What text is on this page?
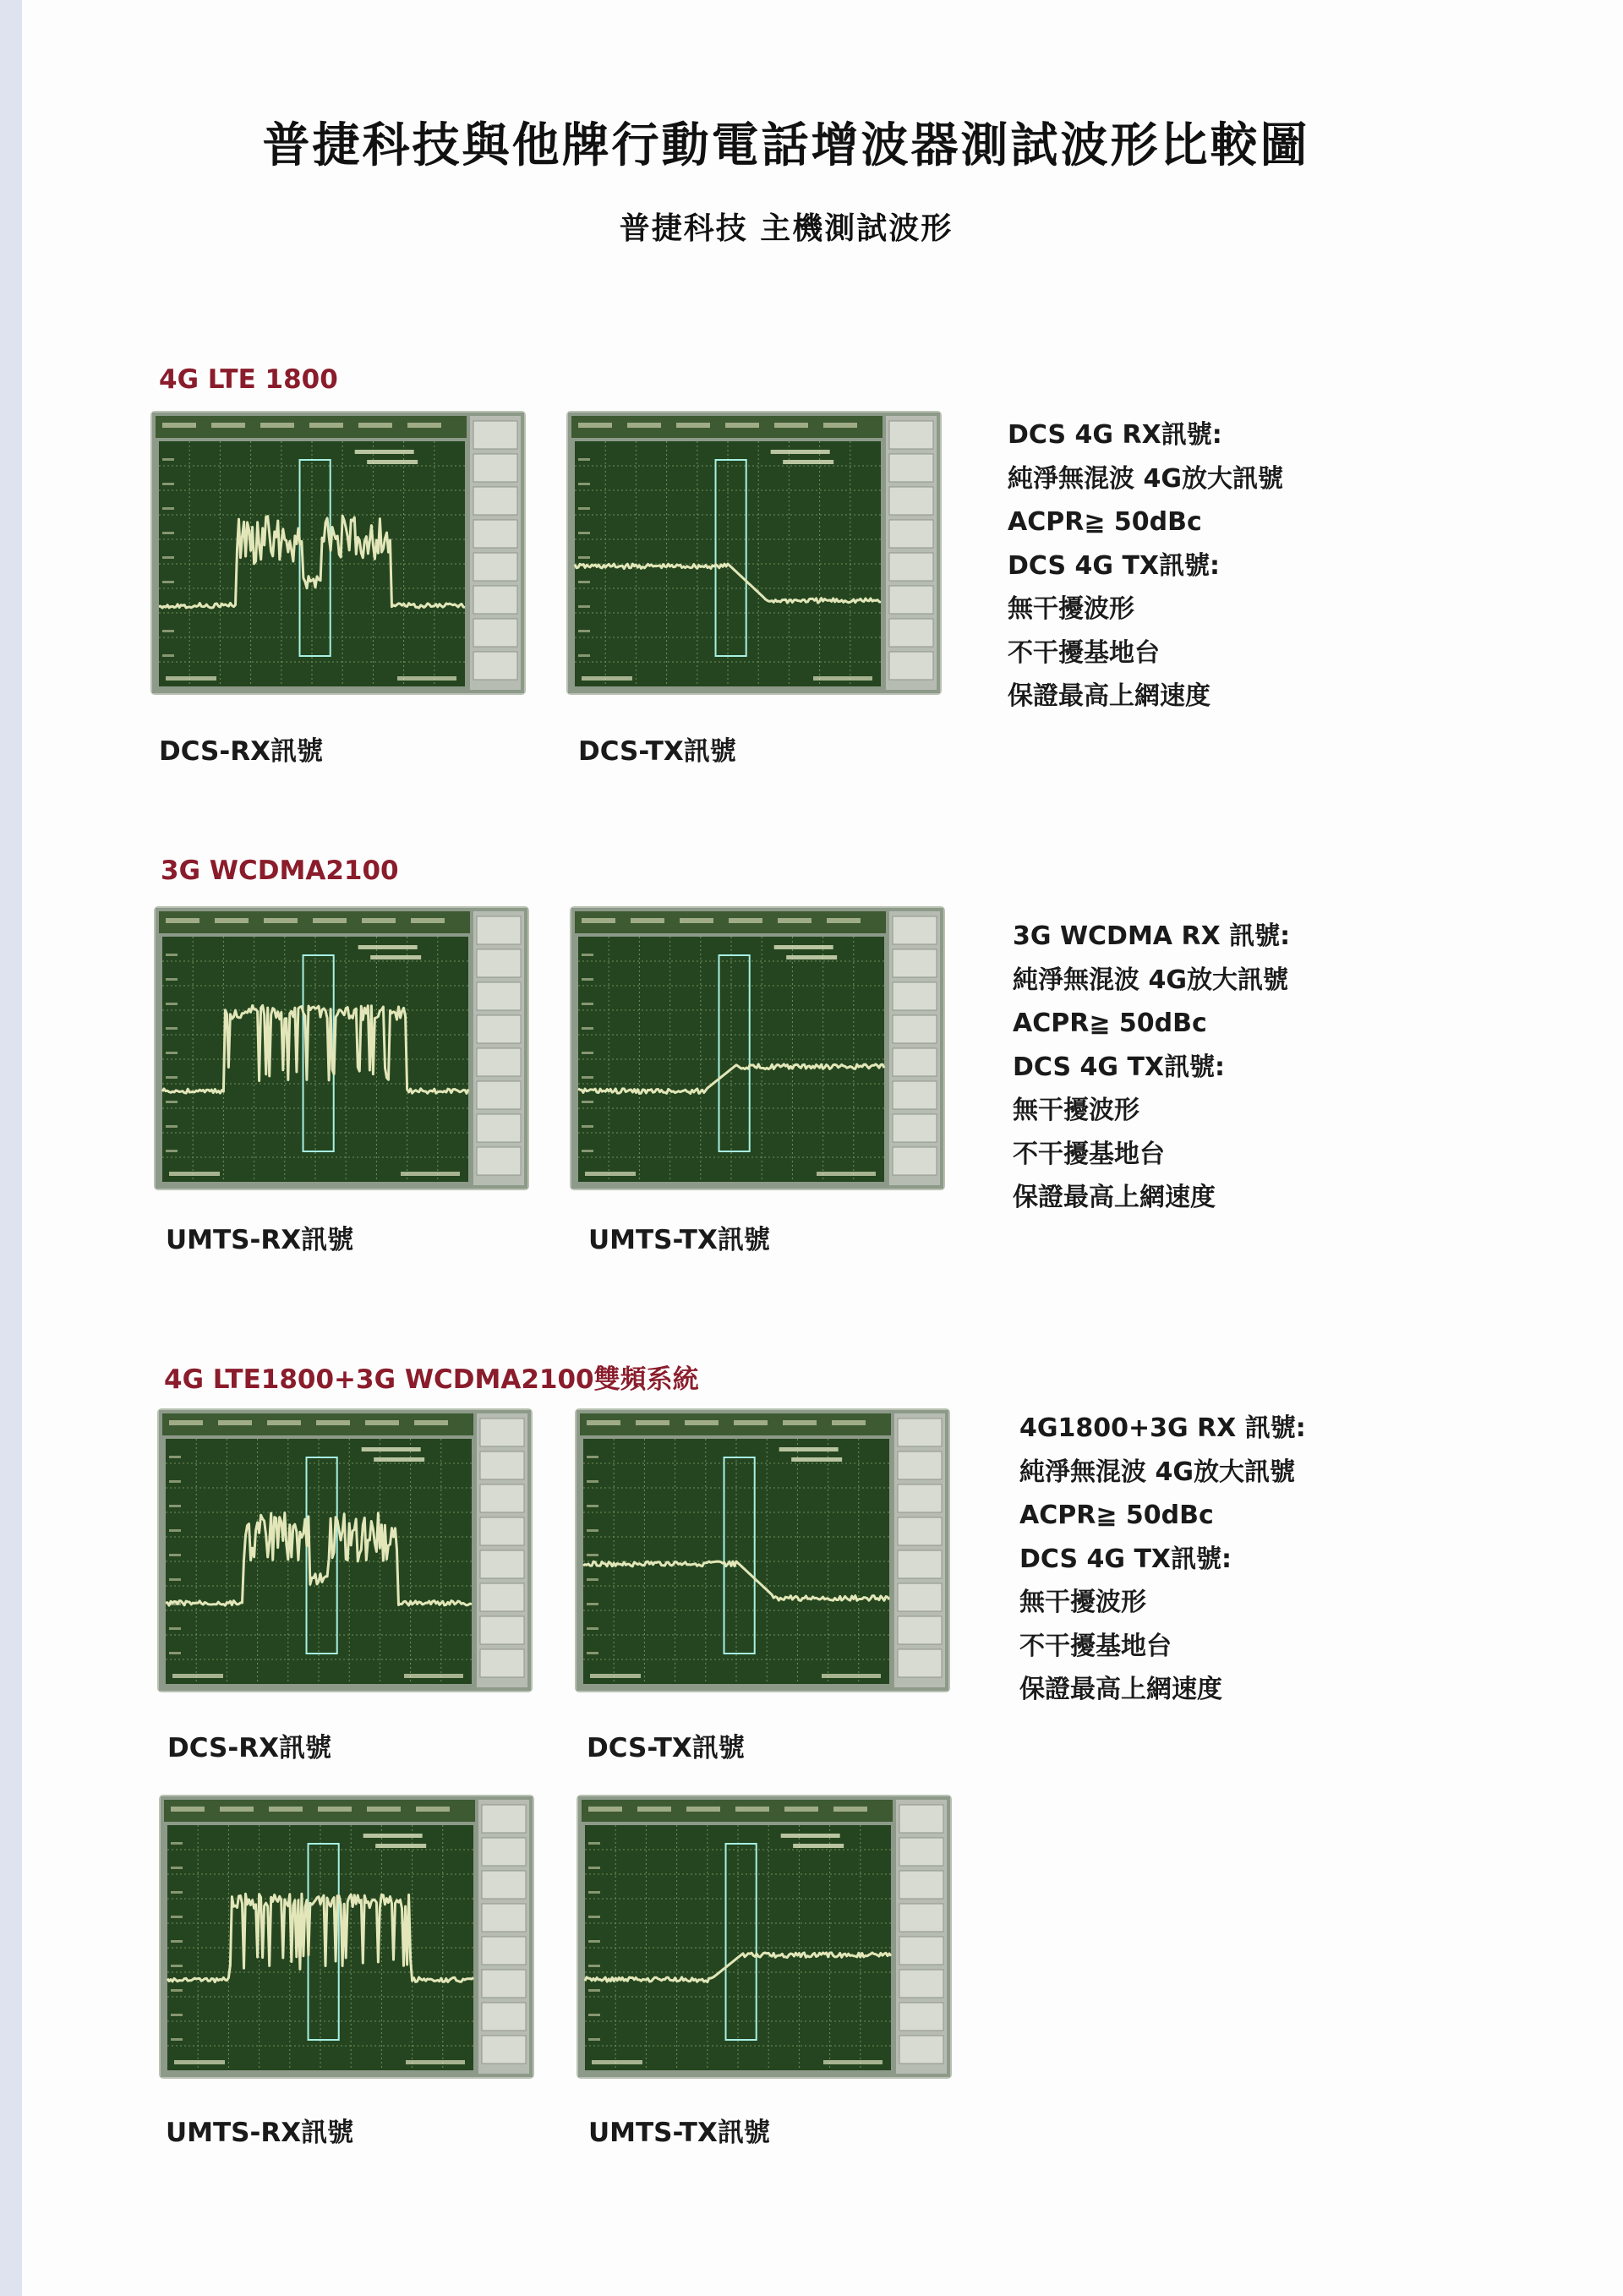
普捷科技與他牌行動電話增波器測試波形比較圖
普捷科技 主機測試波形
4G LTE 1800
DCS-RX訊號	DCS-TX訊號
DCS 4G RX訊號:
純淨無混波 4G放大訊號
ACPR≧ 50dBc
DCS 4G TX訊號:
無干擾波形
不干擾基地台
保證最高上網速度
3G WCDMA2100
UMTS-RX訊號	UMTS-TX訊號
3G WCDMA RX 訊號:
純淨無混波 4G放大訊號
ACPR≧ 50dBc
DCS 4G TX訊號:
無干擾波形
不干擾基地台
保證最高上網速度
4G LTE1800+3G WCDMA2100雙頻系統
DCS-RX訊號	DCS-TX訊號
4G1800+3G RX 訊號:
純淨無混波 4G放大訊號
ACPR≧ 50dBc
DCS 4G TX訊號:
無干擾波形
不干擾基地台
保證最高上網速度
UMTS-RX訊號	UMTS-TX訊號
